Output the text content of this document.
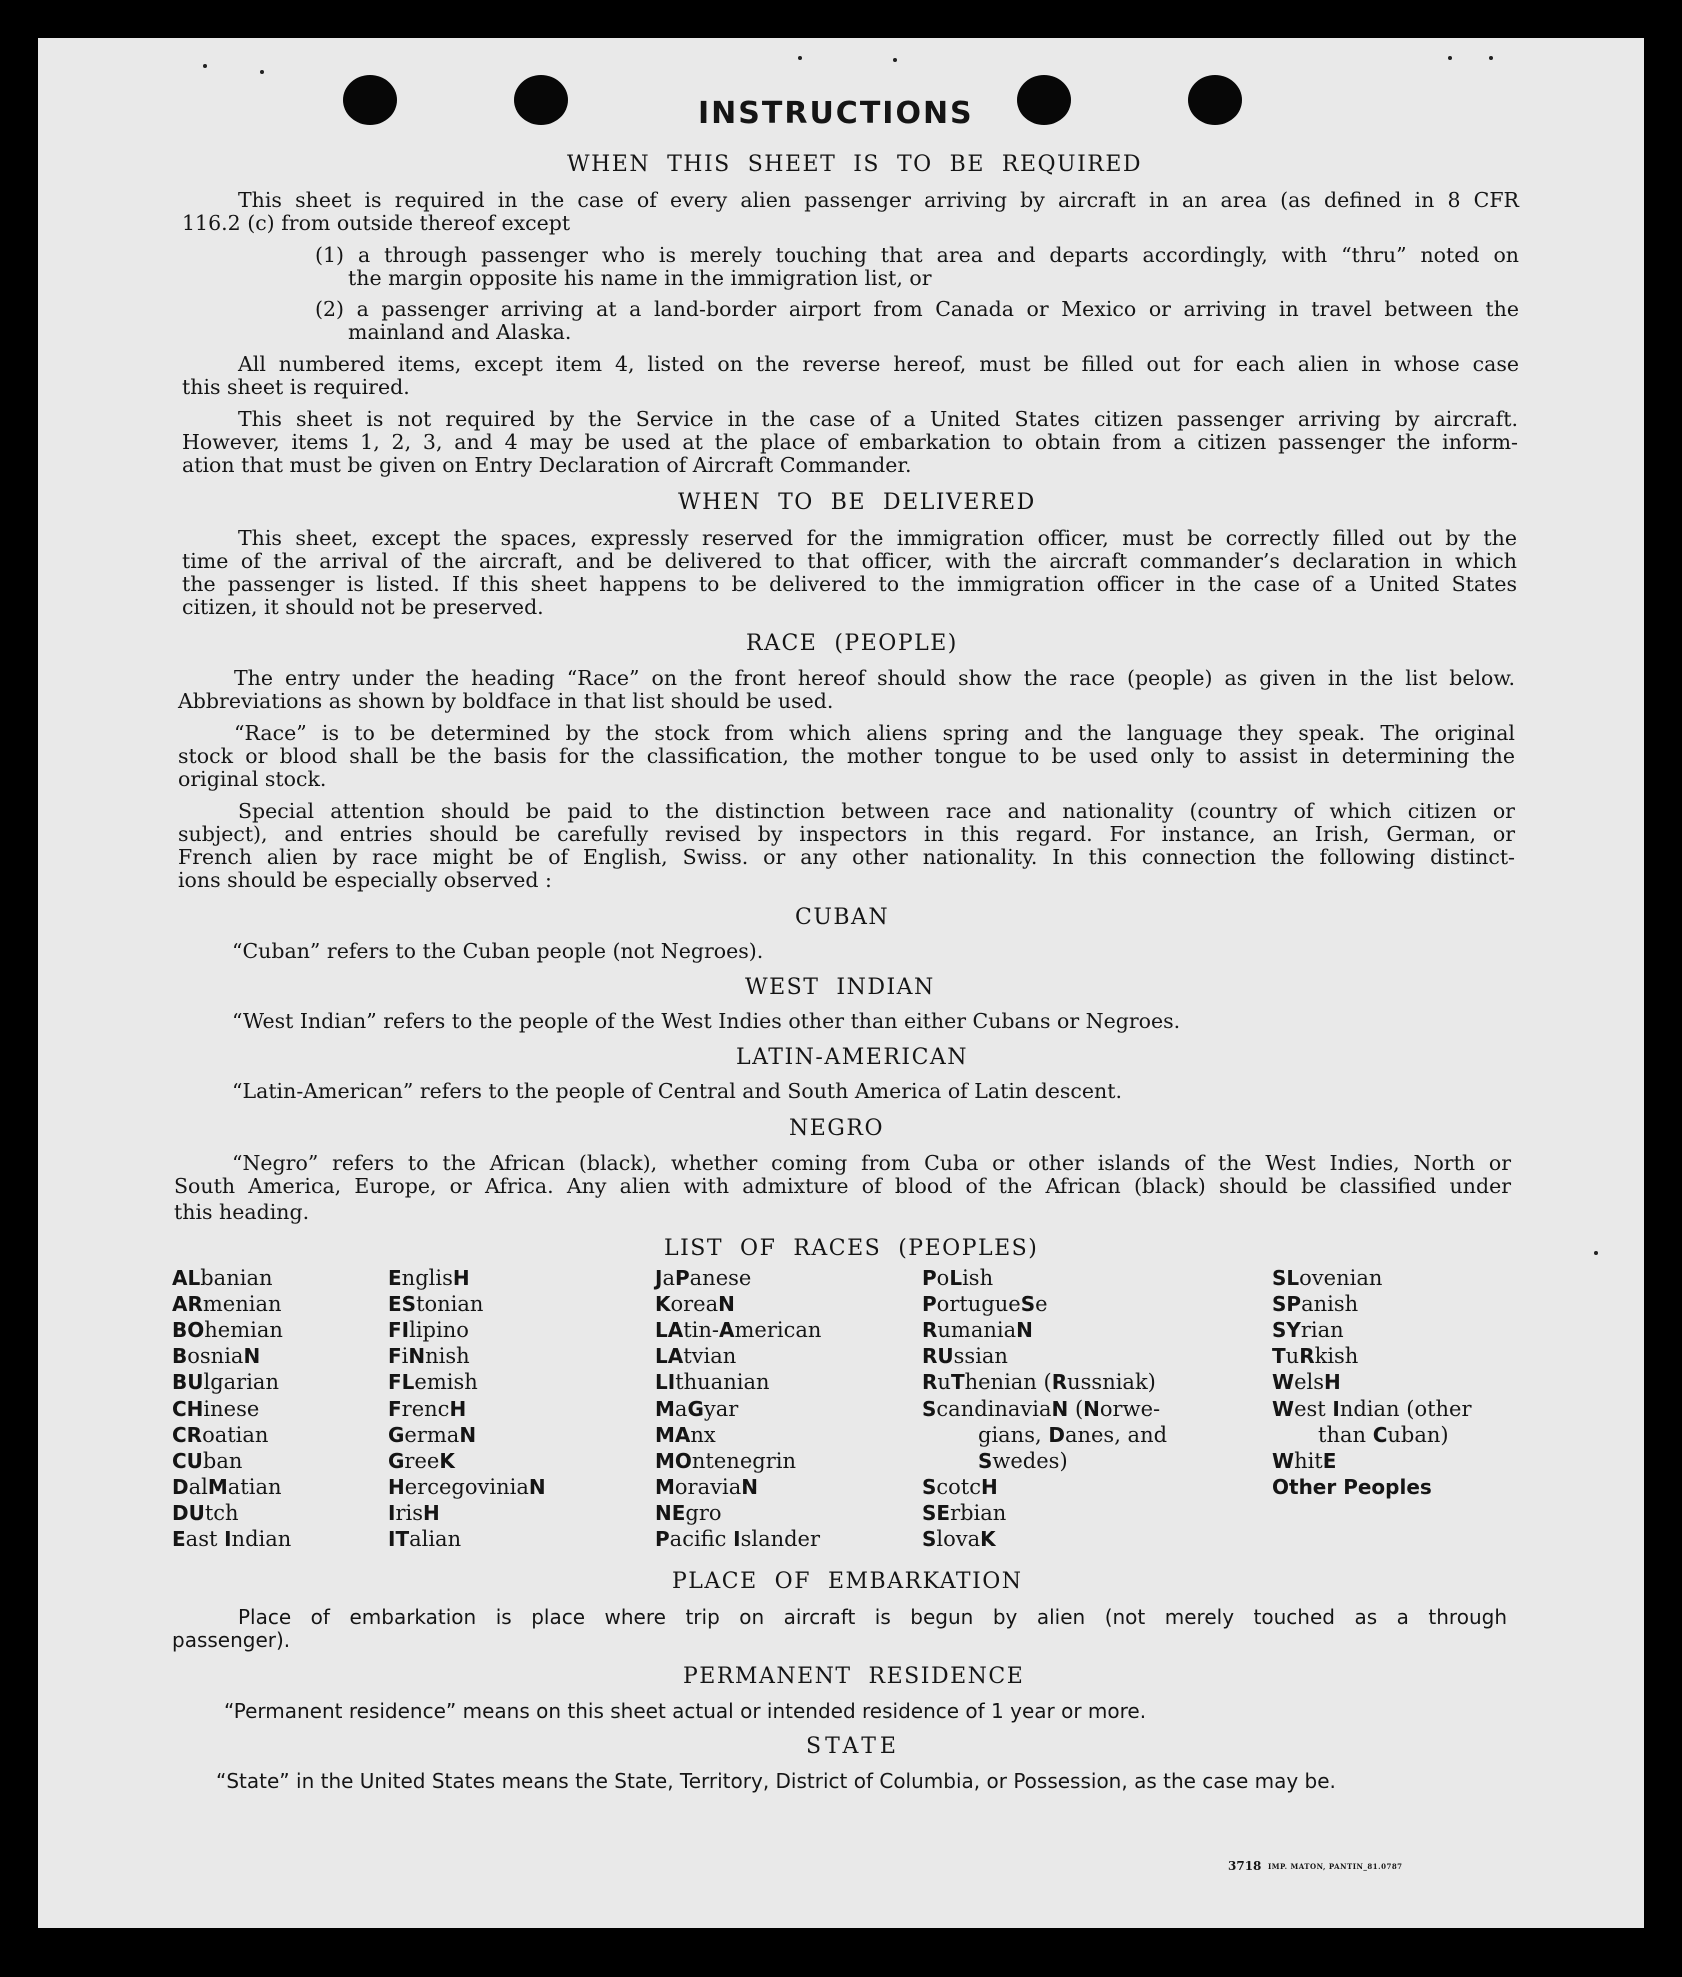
INSTRUCTIONS
WHEN  THIS  SHEET  IS  TO  BE  REQUIRED
This sheet is required in the case of every alien passenger arriving by aircraft in an area (as defined in 8 CFR
116.2 (c) from outside thereof except
(1) a through passenger who is merely touching that area and departs accordingly, with “thru” noted on
the margin opposite his name in the immigration list, or
(2) a passenger arriving at a land-border airport from Canada or Mexico or arriving in travel between the
mainland and Alaska.
All numbered items, except item 4, listed on the reverse hereof, must be filled out for each alien in whose case
this sheet is required.
This sheet is not required by the Service in the case of a United States citizen passenger arriving by aircraft.
However, items 1, 2, 3, and 4 may be used at the place of embarkation to obtain from a citizen passenger the inform-
ation that must be given on Entry Declaration of Aircraft Commander.
WHEN  TO  BE  DELIVERED
This sheet, except the spaces, expressly reserved for the immigration officer, must be correctly filled out by the
time of the arrival of the aircraft, and be delivered to that officer, with the aircraft commander’s declaration in which
the passenger is listed. If this sheet happens to be delivered to the immigration officer in the case of a United States
citizen, it should not be preserved.
RACE  (PEOPLE)
The entry under the heading “Race” on the front hereof should show the race (people) as given in the list below.
Abbreviations as shown by boldface in that list should be used.
“Race” is to be determined by the stock from which aliens spring and the language they speak. The original
stock or blood shall be the basis for the classification, the mother tongue to be used only to assist in determining the
original stock.
Special attention should be paid to the distinction between race and nationality (country of which citizen or
subject), and entries should be carefully revised by inspectors in this regard. For instance, an Irish, German, or
French alien by race might be of English, Swiss. or any other nationality. In this connection the following distinct-
ions should be especially observed :
CUBAN
“Cuban” refers to the Cuban people (not Negroes).
WEST  INDIAN
“West Indian” refers to the people of the West Indies other than either Cubans or Negroes.
LATIN-AMERICAN
“Latin-American” refers to the people of Central and South America of Latin descent.
NEGRO
“Negro” refers to the African (black), whether coming from Cuba or other islands of the West Indies, North or
South America, Europe, or Africa. Any alien with admixture of blood of the African (black) should be classified under
this heading.
LIST  OF  RACES  (PEOPLES)
ALbanian
ARmenian
BOhemian
BosniaN
BUlgarian
CHinese
CRoatian
CUban
DalMatian
DUtch
East Indian
EnglisH
EStonian
FIlipino
FiNnish
FLemish
FrencH
GermaN
GreeK
HercegoviniaN
IrisH
ITalian
JaPanese
KoreaN
LAtin-American
LAtvian
LIthuanian
MaGyar
MAnx
MOntenegrin
MoraviaN
NEgro
Pacific Islander
PoLish
PortugueSe
RumaniaN
RUssian
RuThenian (Russniak)
ScandinaviaN (Norwe-
gians, Danes, and
Swedes)
ScotcH
SErbian
SlovaK
SLovenian
SPanish
SYrian
TuRkish
WelsH
West Indian (other
than Cuban)
WhitE
Other Peoples
PLACE  OF  EMBARKATION
Place of embarkation is place where trip on aircraft is begun by alien (not merely touched as a through
passenger).
PERMANENT  RESIDENCE
“Permanent residence” means on this sheet actual or intended residence of 1 year or more.
STATE
“State” in the United States means the State, Territory, District of Columbia, or Possession, as the case may be.
3718 IMP. MATON, PANTIN_81.0787
